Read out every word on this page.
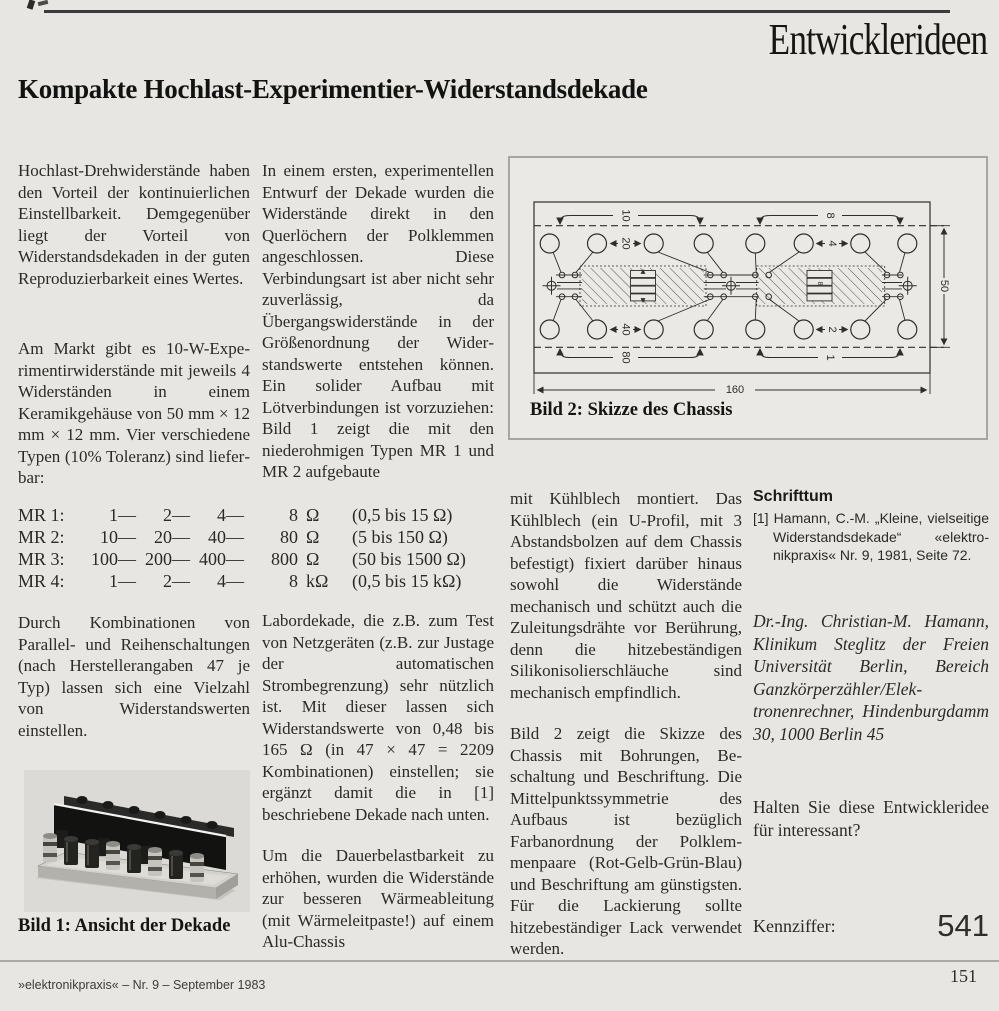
Entwicklerideen
Kompakte Hochlast-Experimentier-Widerstandsdekade
Hochlast-Drehwiderstände haben den Vorteil der kontinuierlichen Einstellbarkeit. Demgegenüber liegt der Vorteil von Widerstandsdekaden in der guten Reproduzierbarkeit eines Wertes.
Am Markt gibt es 10-W-Experimentirwiderstände mit jeweils 4 Widerständen in einem Keramikgehäuse von 50 mm × 12 mm × 12 mm. Vier verschiedene Typen (10% Toleranz) sind lieferbar:
MR 1:	1—	2—	4—	8	Ω	(0,5 bis 15 Ω)
MR 2:	10—	20—	40—	80	Ω	(5 bis 150 Ω)
MR 3:	100—	200—	400—	800	Ω	(50 bis 1500 Ω)
MR 4:	1—	2—	4—	8	kΩ	(0,5 bis 15 kΩ)
Durch Kombinationen von Parallel- und Reihenschaltungen (nach Herstellerangaben 47 je Typ) lassen sich eine Vielzahl von Widerstandswerten einstellen.
Bild 1: Ansicht der Dekade
In einem ersten, experimentellen Entwurf der Dekade wurden die Widerstände direkt in den Querlöchern der Polklemmen angeschlossen. Diese Verbindungsart ist aber nicht sehr zuverlässig, da Übergangswiderstände in der Größenordnung der Widerstandswerte entstehen können. Ein solider Aufbau mit Lötverbindungen ist vorzuziehen: Bild 1 zeigt die mit den niederohmigen Typen MR 1 und MR 2 aufgebaute
Labordekade, die z.B. zum Test von Netzgeräten (z.B. zur Justage der automatischen Strombegrenzung) sehr nützlich ist. Mit dieser lassen sich Widerstandswerte von 0,48 bis 165 Ω (in 47 × 47 = 2209 Kombinationen) einstellen; sie ergänzt damit die in [1] beschriebene Dekade nach unten.
Um die Dauerbelastbarkeit zu erhöhen, wurden die Widerstände zur besseren Wärmeableitung (mit Wärmeleitpaste!) auf einem Alu-Chassis
10	8
20	4
40	2
80	1
160
50
8
Bild 2: Skizze des Chassis
mit Kühlblech montiert. Das Kühlblech (ein U-Profil, mit 3 Abstandsbolzen auf dem Chassis befestigt) fixiert darüber hinaus sowohl die Widerstände mechanisch und schützt auch die Zuleitungsdrähte vor Berührung, denn die hitzebeständigen Silikonisolierschläuche sind mechanisch empfindlich.
Bild 2 zeigt die Skizze des Chassis mit Bohrungen, Beschaltung und Beschriftung. Die Mittelpunktssymmetrie des Aufbaus ist bezüglich Farbanordnung der Polklemmenpaare (Rot-Gelb-Grün-Blau) und Beschriftung am günstigsten. Für die Lackierung sollte hitzebeständiger Lack verwendet werden.
Schrifttum
[1] Hamann, C.-M. „Kleine, vielseitige Widerstandsdekade“ «elektronikpraxis« Nr. 9, 1981, Seite 72.
Dr.-Ing. Christian-M. Hamann, Klinikum Steglitz der Freien Universität Berlin, Bereich Ganzkörperzähler/Elektronenrechner, Hindenburgdamm 30, 1000 Berlin 45
Halten Sie diese Entwickleridee für interessant?
Kennziffer:	541
»elektronikpraxis« – Nr. 9 – September 1983	151
